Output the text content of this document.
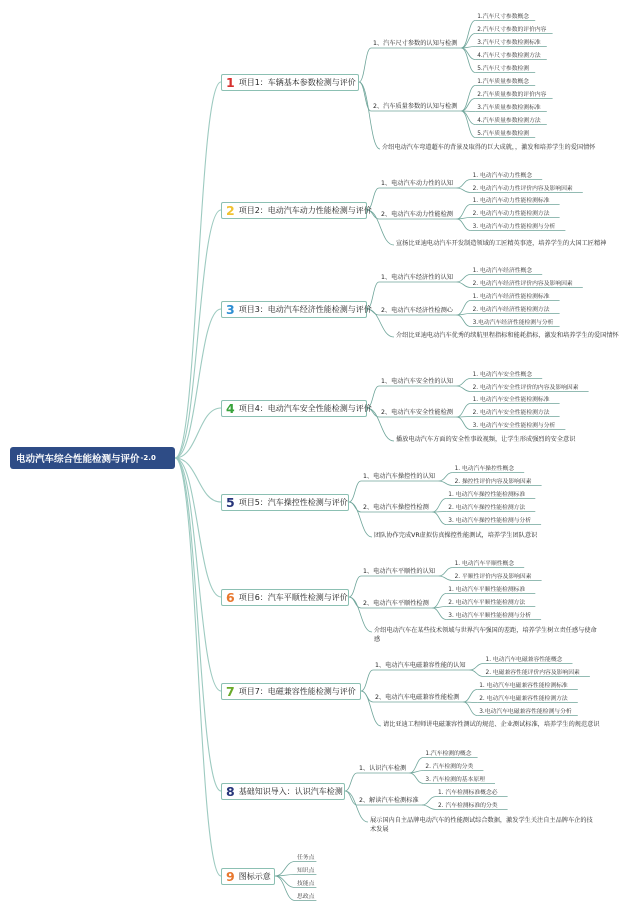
电动汽车综合性能检测与评价 -2.0
1 项目1：车辆基本参数检测与评价
1、汽车尺寸参数的认知与检测
1.汽车尺寸参数概念
2.汽车尺寸参数的评价内容
3.汽车尺寸参数检测标准
4.汽车尺寸参数检测方法
5.汽车尺寸参数检测
2、汽车质量参数的认知与检测
1.汽车质量参数概念
2.汽车质量参数的评价内容
3.汽车质量参数检测标准
4.汽车质量参数检测方法
5.汽车质量参数检测
介绍电动汽车弯道超车的背景及取得的巨大成就，，激发和培养学生的爱国情怀
2 项目2：电动汽车动力性能检测与评价
1、电动汽车动力性的认知
1. 电动汽车动力性概念
2. 电动汽车动力性评价内容及影响因素
2、电动汽车动力性能检测
1. 电动汽车动力性能检测标准
2. 电动汽车动力性能检测方法
3. 电动汽车动力性能检测与分析
宣扬比亚迪电动汽车开发制造领域的工匠精英事迹，培养学生的大国工匠精神
3 项目3：电动汽车经济性能检测与评价
1、电动汽车经济性的认知
1. 电动汽车经济性概念
2. 电动汽车经济性评价内容及影响因素
2、电动汽车经济性检测心
1. 电动汽车经济性能检测标准
2. 电动汽车经济性能检测方法
3.电动汽车经济性能检测与分析
介绍比亚迪电动汽车优秀的续航里程指标和能耗指标，激发和培养学生的爱国情怀
4 项目4：电动汽车安全性能检测与评价
1、电动汽车安全性的认知
1. 电动汽车安全性概念
2. 电动汽车安全性评价的内容及影响因素
2、电动汽车安全性能检测
1. 电动汽车安全性能检测标准
2. 电动汽车安全性能检测方法
3. 电动汽车安全性能检测与分析
播放电动汽车方面的安全性事故视频，让学生形成强烈的安全意识
5 项目5：汽车操控性检测与评价
1、电动汽车操控性的认知
1. 电动汽车操控性概念
2. 操控性评价内容及影响因素
2、电动汽车操控性检测
1. 电动汽车操控性能检测标准
2. 电动汽车操控性能检测方法
3. 电动汽车操控性能检测与分析
团队协作完成VR虚拟仿真操控性能测试，培养学生团队意识
6 项目6：汽车平顺性检测与评价
1、电动汽车平顺性的认知
1. 电动汽车平顺性概念
2. 平顺性评价内容及影响因素
2、电动汽车平顺性检测
1. 电动汽车平顺性能检测标准
2. 电动汽车平顺性能检测方法
3. 电动汽车平顺性能检测与分析
介绍电动汽车在某些技术领域与世界汽车强国的差距，培养学生树立责任感与使命感
7 项目7：电磁兼容性能检测与评价
1、电动汽车电磁兼容性能的认知
1. 电动汽车电磁兼容性能概念
2. 电磁兼容性能评价内容及影响因素
2、电动汽车电磁兼容性能检测
1. 电动汽车电磁兼容性能检测标准
2. 电动汽车电磁兼容性能检测方法
3.电动汽车电磁兼容性能检测与分析
请比亚迪工程师讲电磁兼容性测试的规范、企业测试标准，培养学生的规范意识
8 基础知识导入：认识汽车检测
1、认识汽车检测
1.汽车检测的概念
2. 汽车检测的分类
3. 汽车检测的基本原理
2、解读汽车检测标准
1. 汽车检测标准概念必
2. 汽车检测标准的分类
展示国内自主品牌电动汽车的性能测试综合数据，激发学生关注自主品牌车企的技术发展
9 图标示意
任务点
知识点
技能点
思政点
